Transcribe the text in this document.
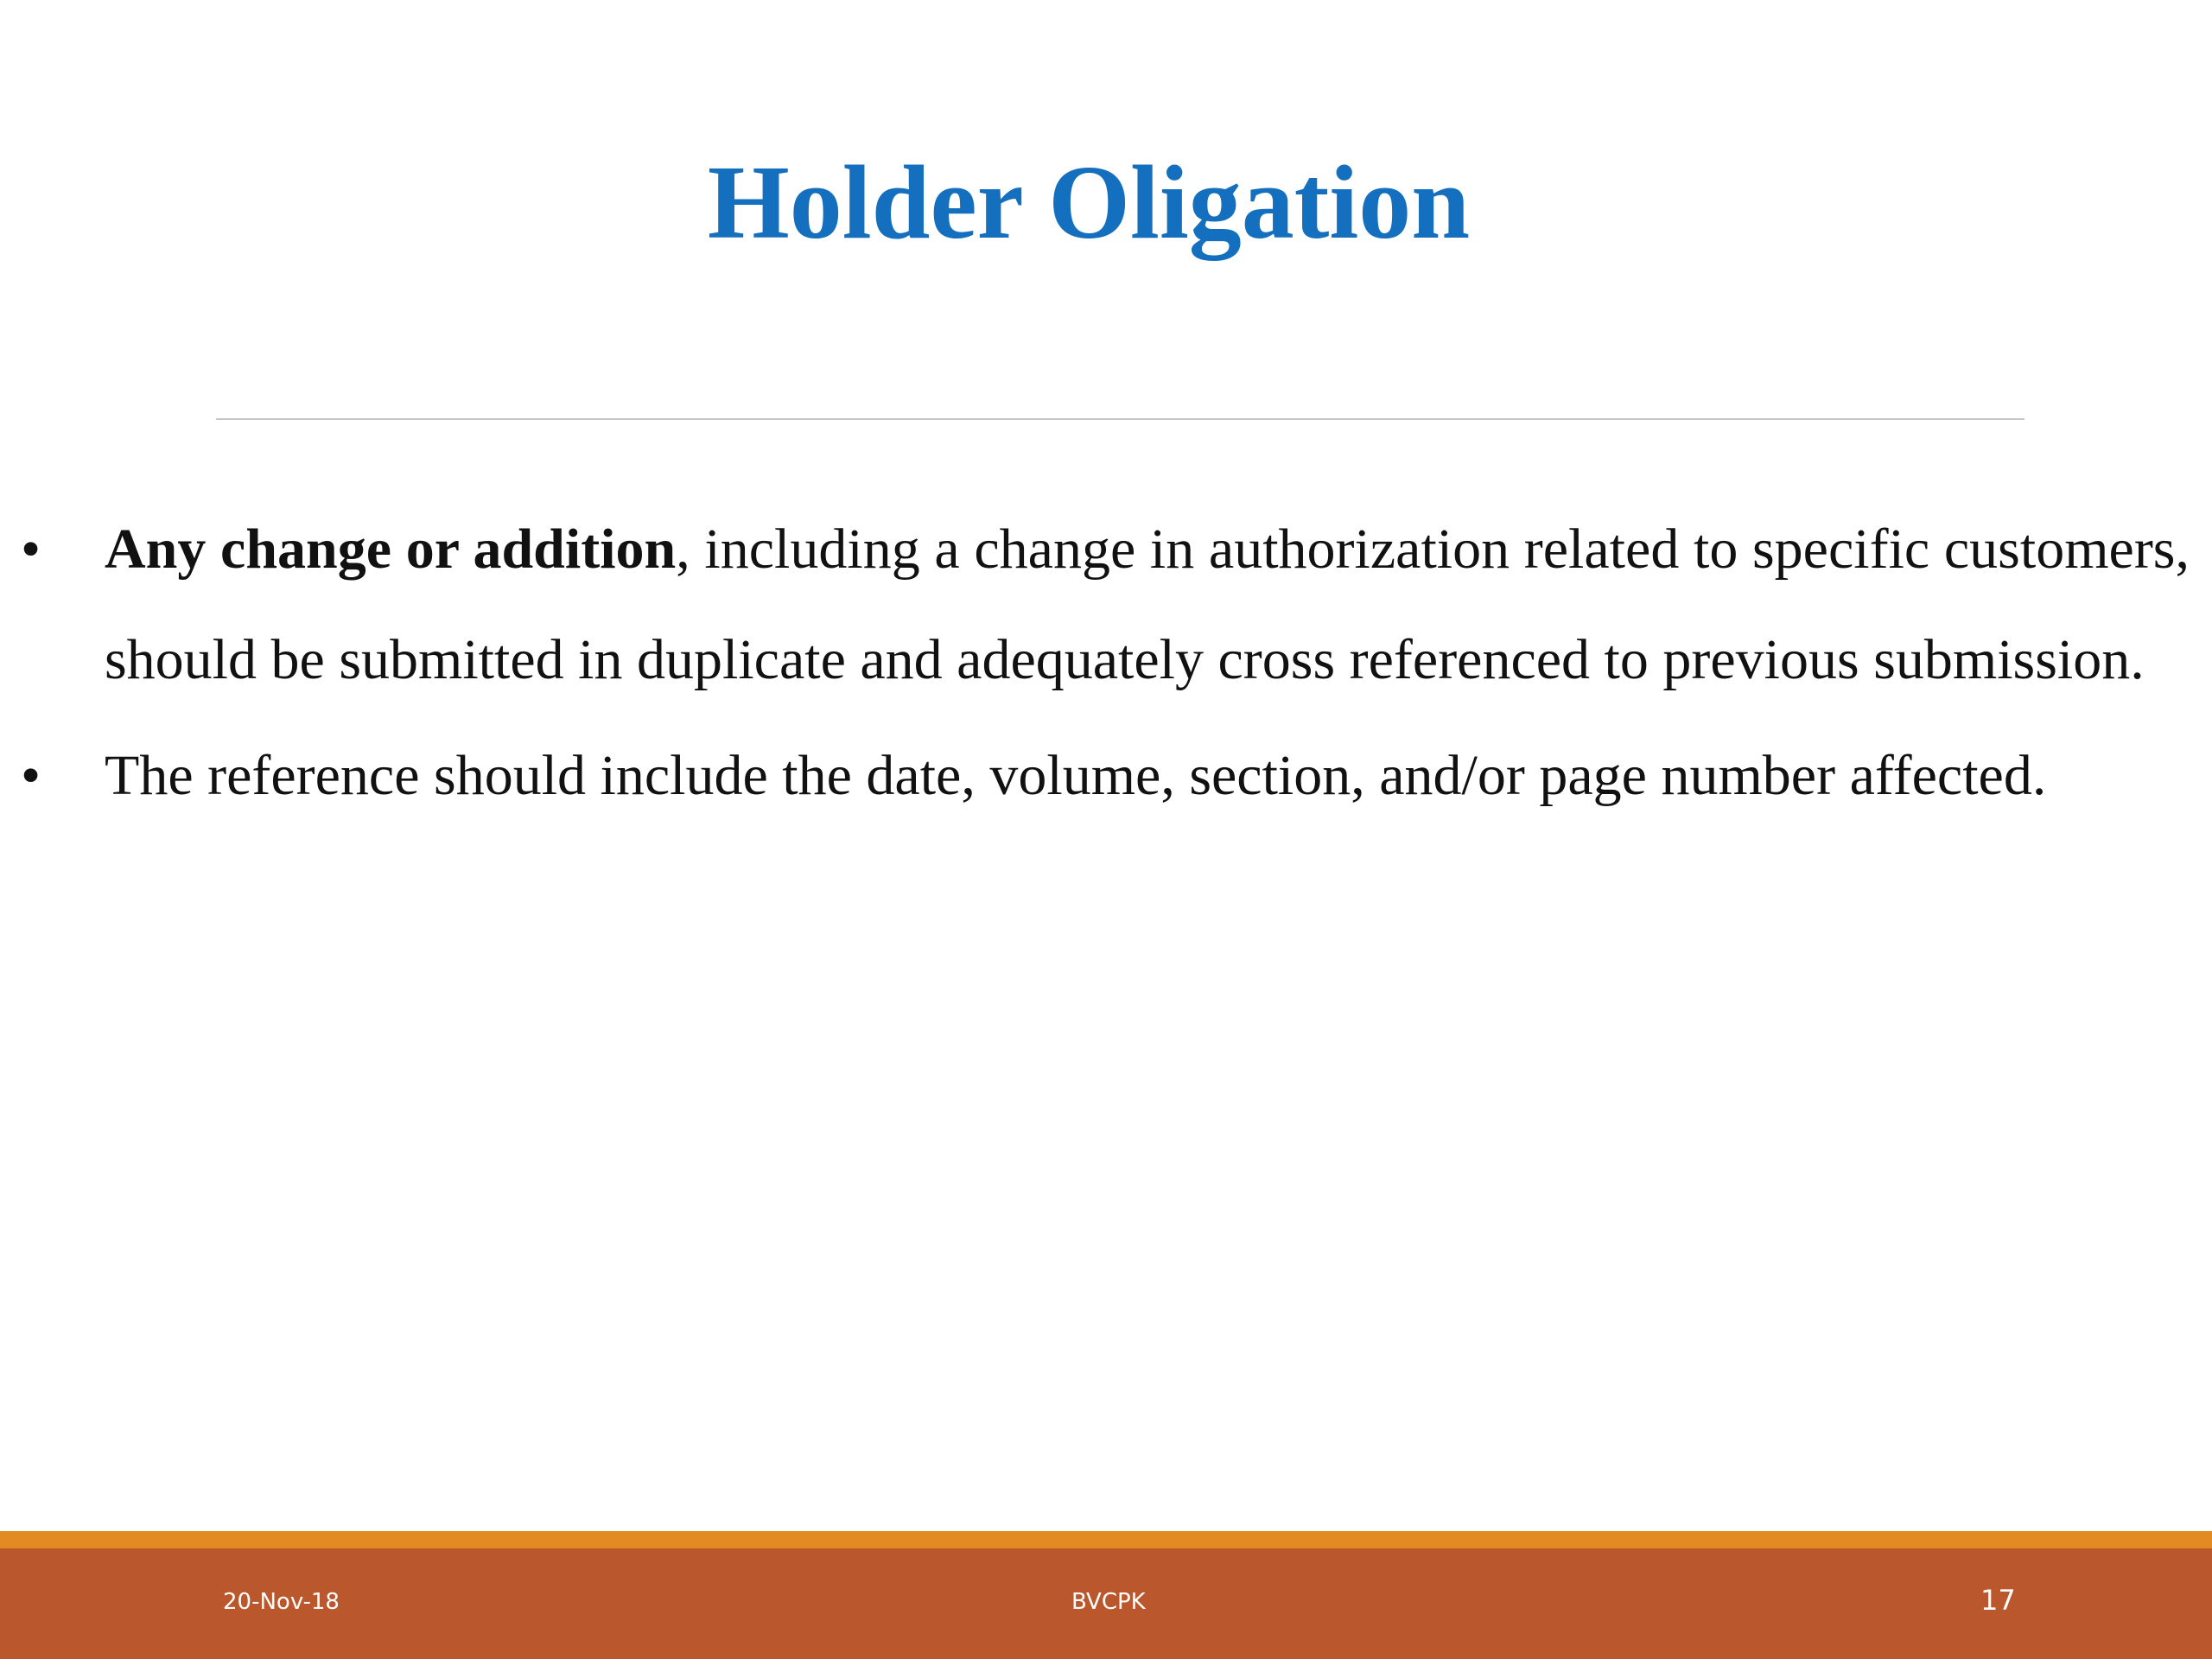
Holder Oligation
• Any change or addition, including a change in authorization related to specific customers, should be submitted in duplicate and adequately cross referenced to previous submission.
• The reference should include the date, volume, section, and/or page number affected.
20-Nov-18	BVCPK	17
